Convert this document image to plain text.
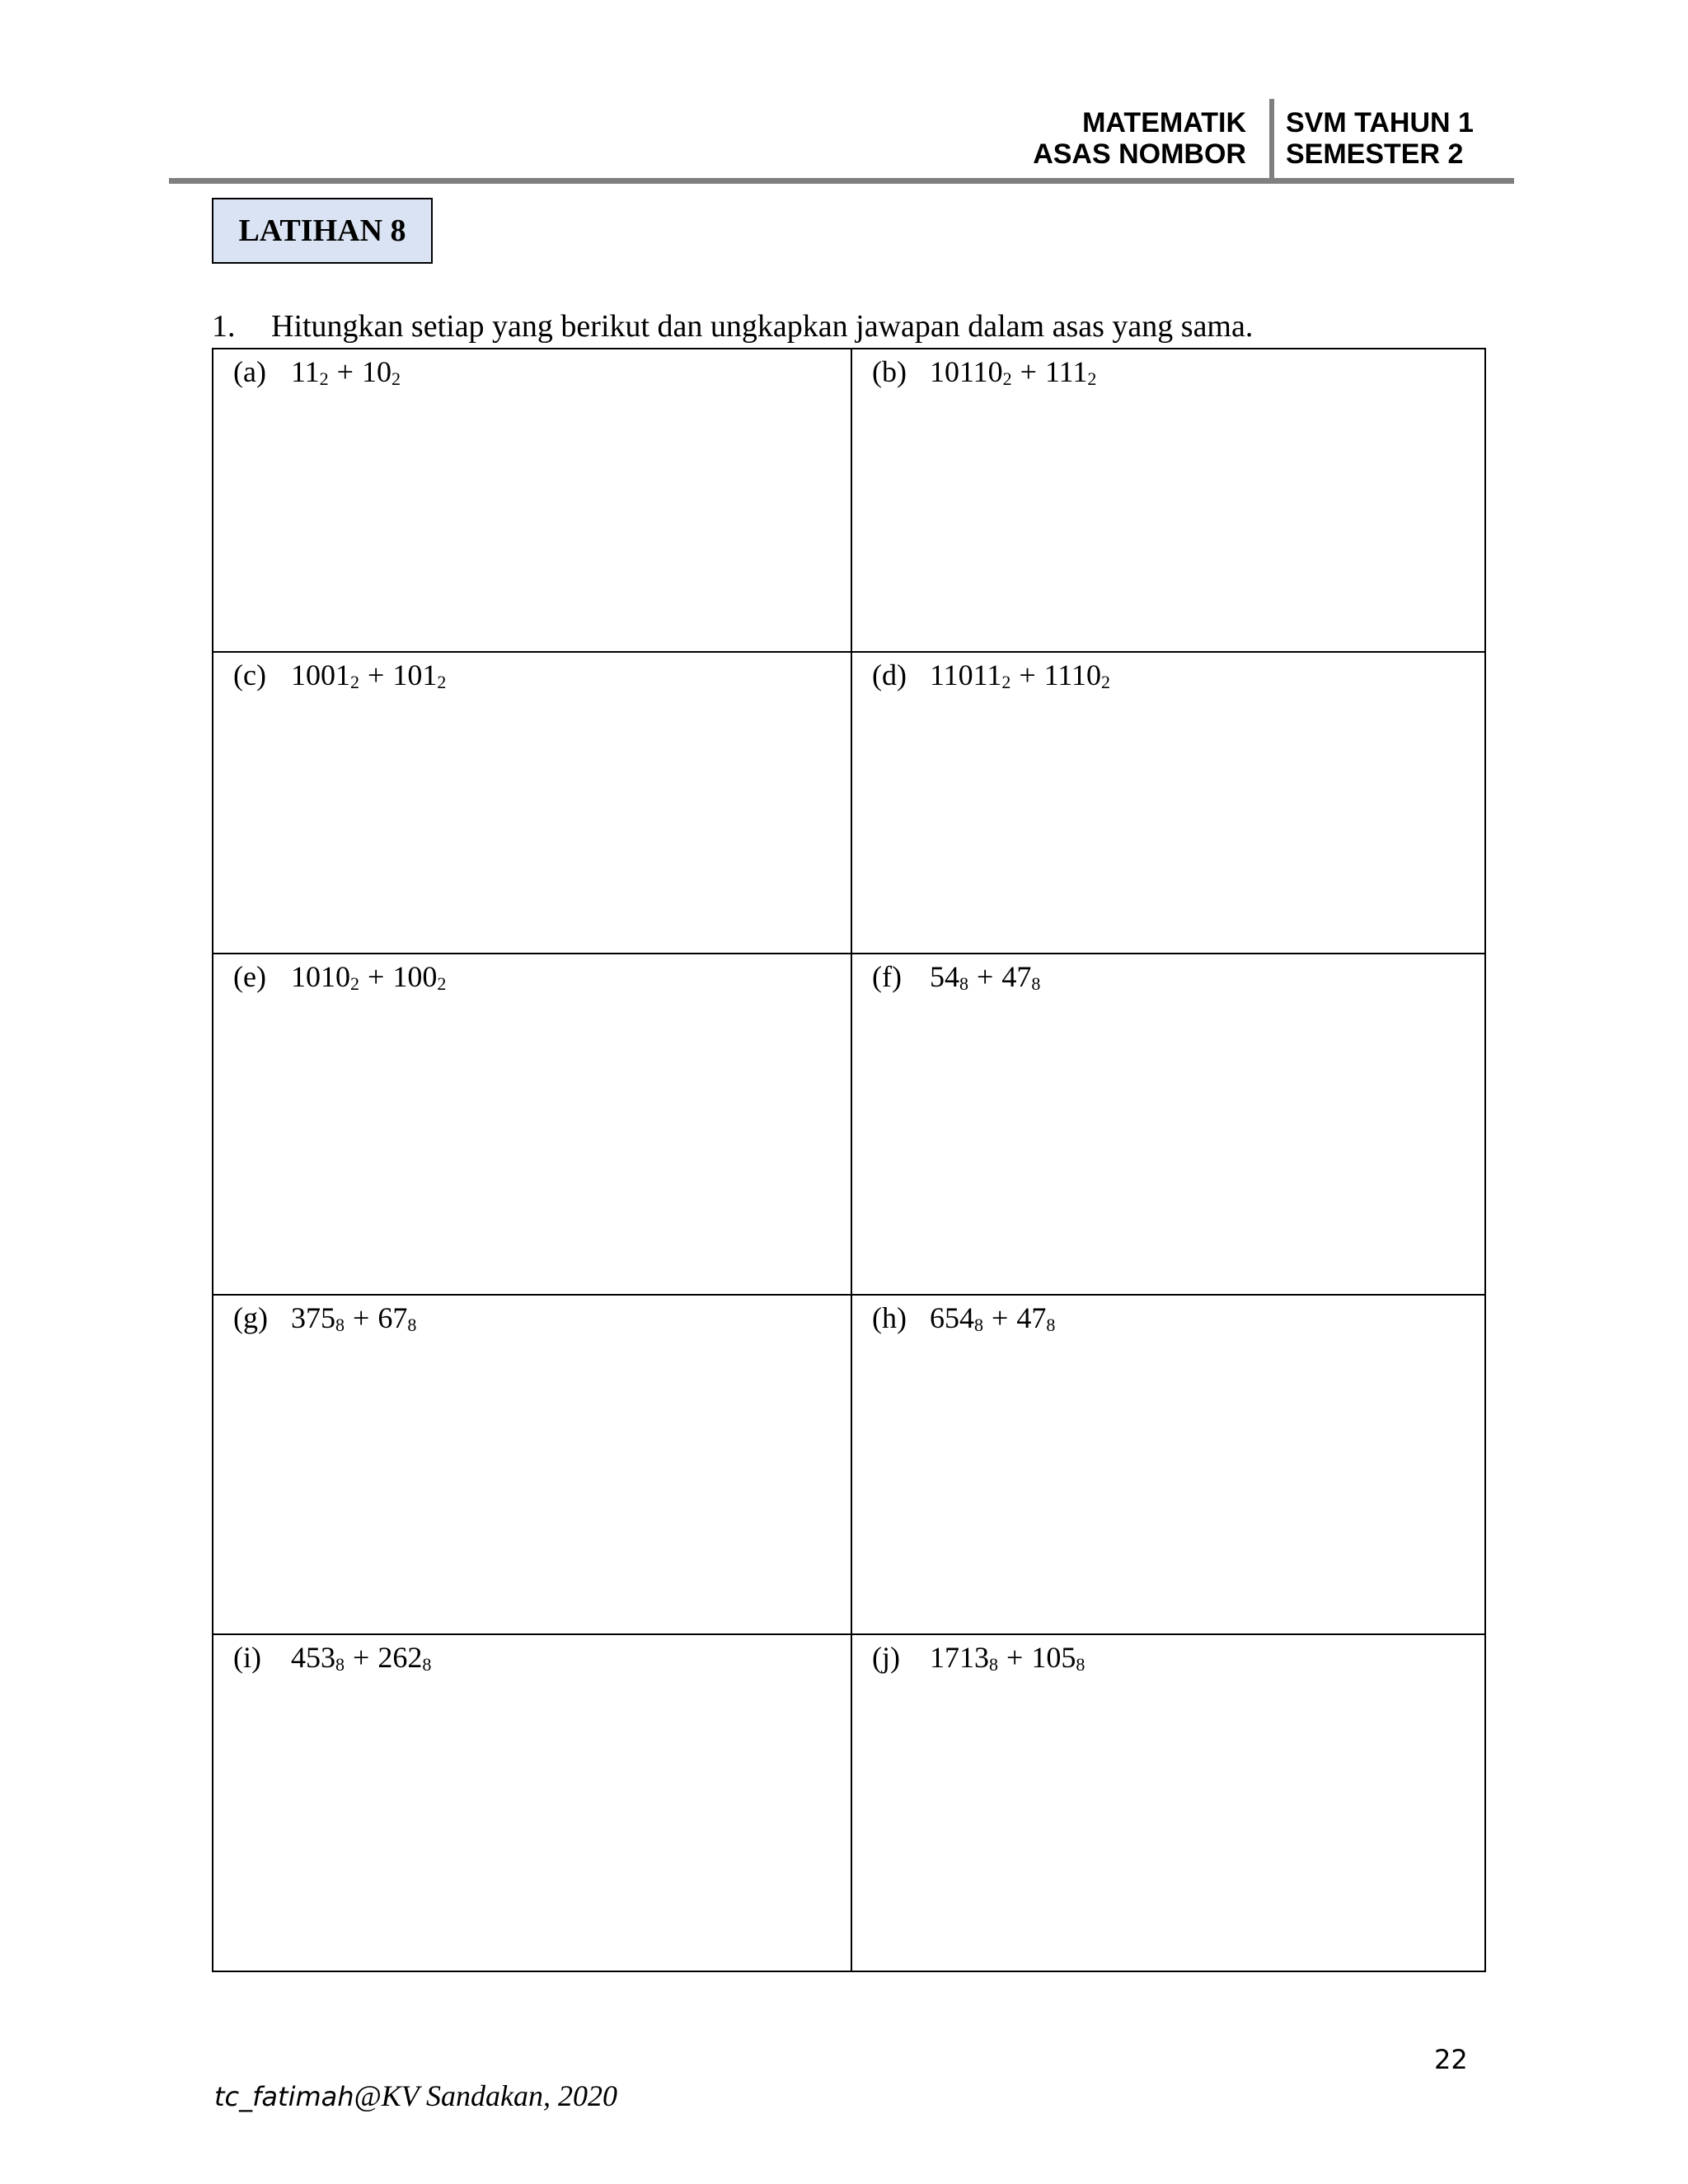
MATEMATIK
ASAS NOMBOR
SVM TAHUN 1
SEMESTER 2
LATIHAN 8
1. Hitungkan setiap yang berikut dan ungkapkan jawapan dalam asas yang sama.
(a) 112 + 102	(b) 101102 + 1112
(c) 10012 + 1012	(d) 110112 + 11102
(e) 10102 + 1002	(f) 548 + 478
(g) 3758 + 678	(h) 6548 + 478
(i) 4538 + 2628	(j) 17138 + 1058
22
tc_fatimah@KV Sandakan, 2020
